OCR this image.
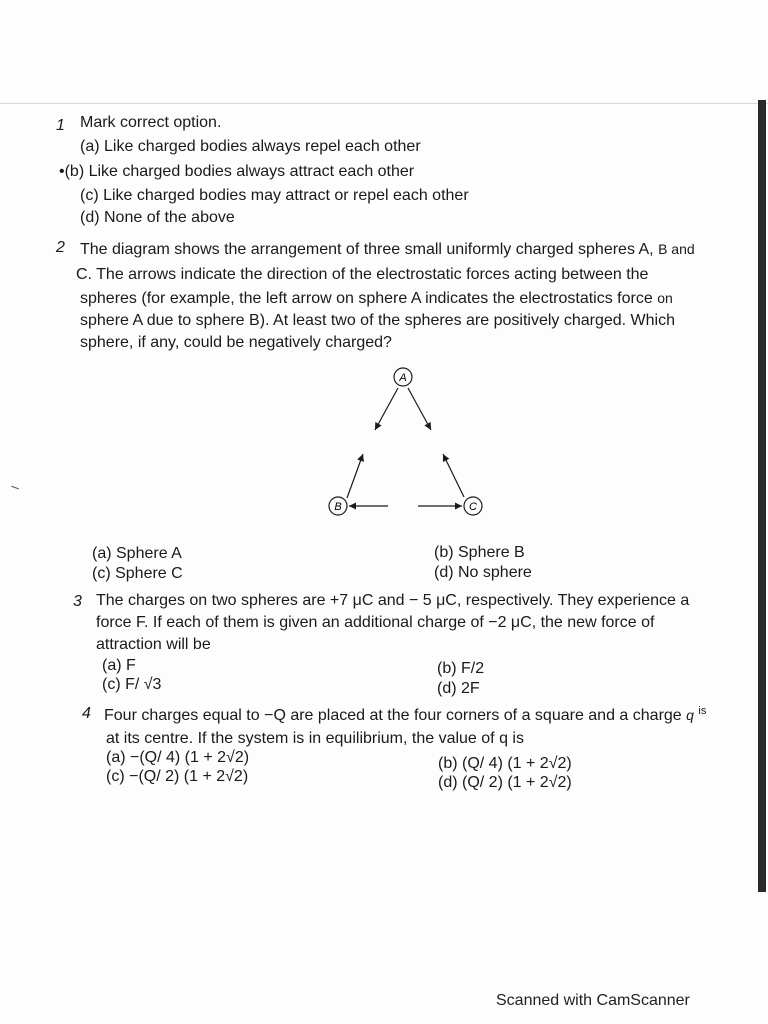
1 Mark correct option.
(a) Like charged bodies always repel each other
•(b) Like charged bodies always attract each other
(c) Like charged bodies may attract or repel each other
(d) None of the above
2 The diagram shows the arrangement of three small uniformly charged spheres A, B and
C. The arrows indicate the direction of the electrostatic forces acting between the
spheres (for example, the left arrow on sphere A indicates the electrostatics force on
sphere A due to sphere B). At least two of the spheres are positively charged. Which
sphere, if any, could be negatively charged?
A
B	C
(a) Sphere A	(b) Sphere B
(c) Sphere C	(d) No sphere
3 The charges on two spheres are +7 μC and − 5 μC, respectively. They experience a
force F. If each of them is given an additional charge of −2 μC, the new force of
attraction will be
(a) F	(b) F/2
(c) F/ √3	(d) 2F
4 Four charges equal to −Q are placed at the four corners of a square and a charge q $^{is}$
at its centre. If the system is in equilibrium, the value of q is
(a) −(Q/ 4) (1 + 2√2)	(b) (Q/ 4) (1 + 2√2)
(c) −(Q/ 2) (1 + 2√2)	(d) (Q/ 2) (1 + 2√2)
Scanned with CamScanner
